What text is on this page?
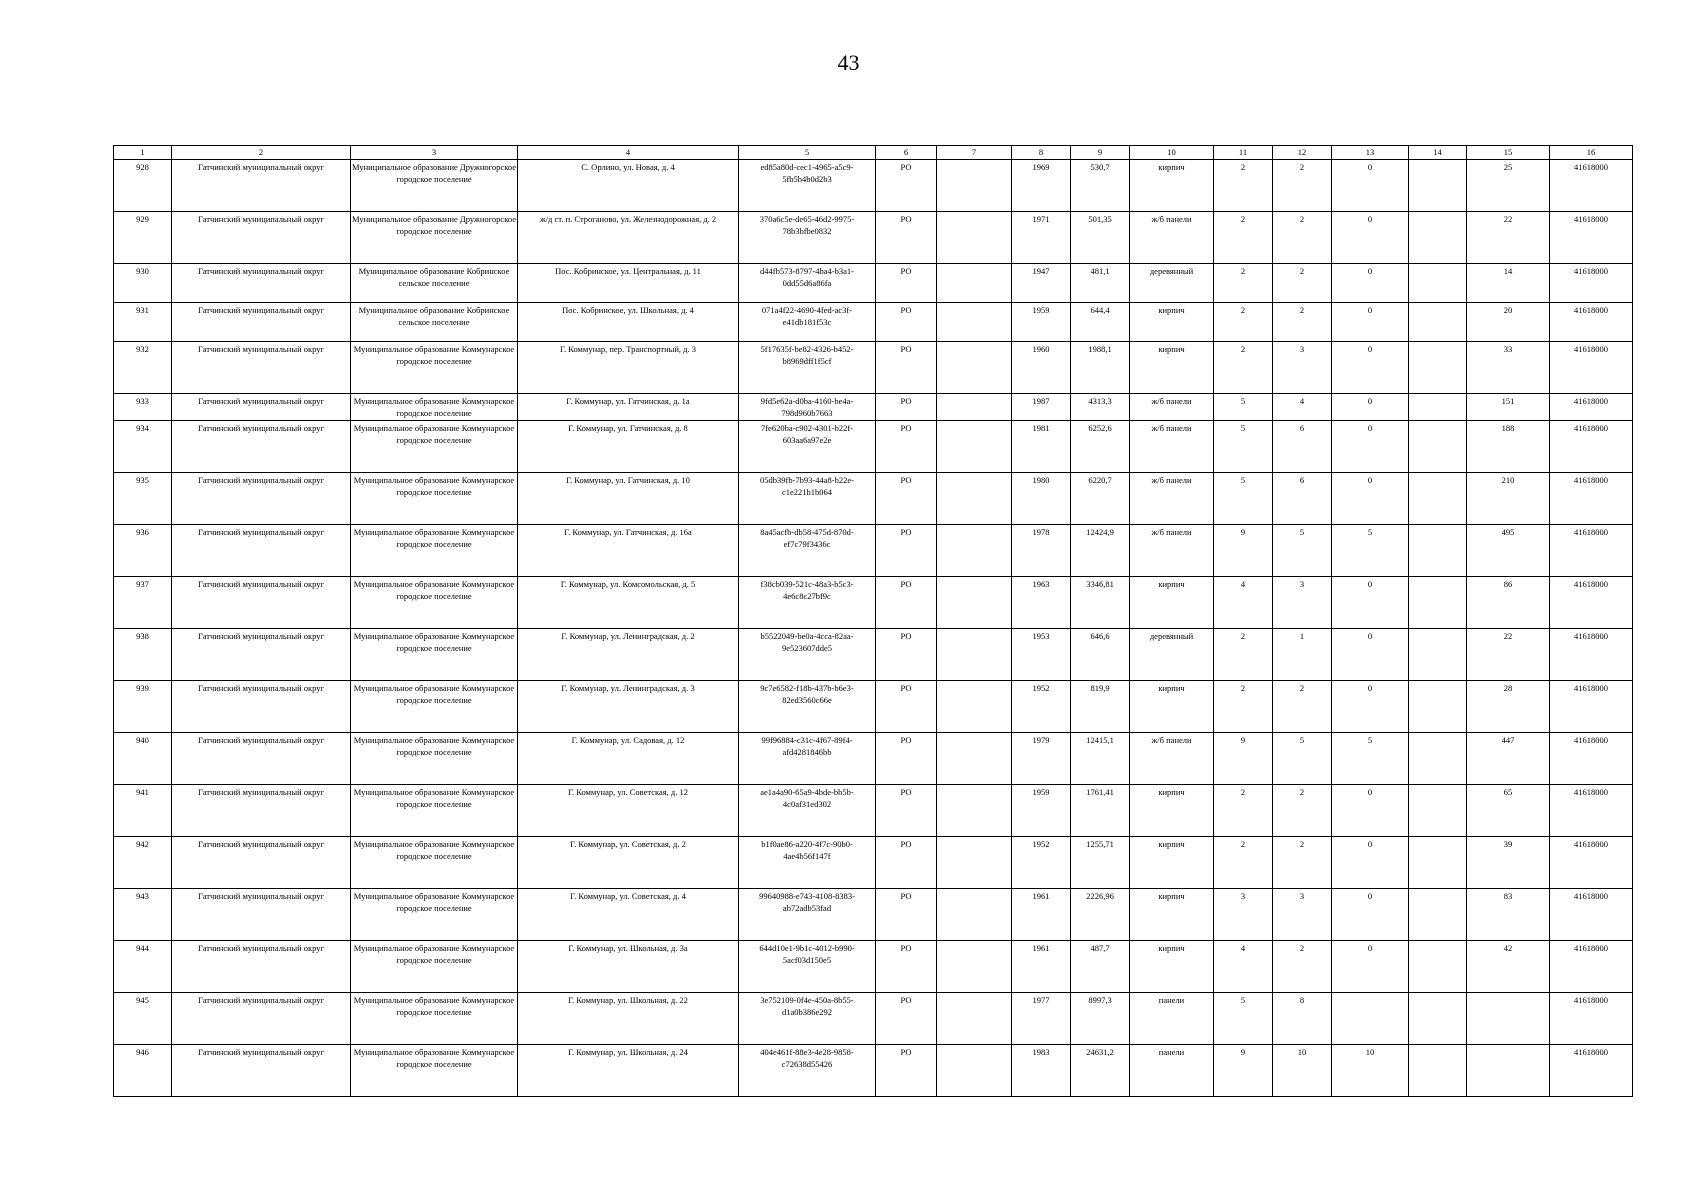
43
1	2	3	4	5	6	7	8	9	10	11	12	13	14	15	16
928	Гатчинский муниципальный округ	Муниципальное образование Дружногорское городское поселение	С. Орлино, ул. Новая, д. 4	ed85a80d-cec1-4965-a5c9-5fb5b4b0d2b3	РО		1969	530,7	кирпич	2	2	0		25	41618000
929	Гатчинский муниципальный округ	Муниципальное образование Дружногорское городское поселение	ж/д ст. п. Строганово, ул. Железнодорожная, д. 2	370a6c5e-de65-46d2-9975-78b3bfbe0832	РО		1971	501,35	ж/б панели	2	2	0		22	41618000
930	Гатчинский муниципальный округ	Муниципальное образование Кобринское сельское поселение	Пос. Кобринское, ул. Центральная, д. 11	d44fb573-8797-4ba4-b3a1-0dd55d6a86fa	РО		1947	481,1	деревянный	2	2	0		14	41618000
931	Гатчинский муниципальный округ	Муниципальное образование Кобринское сельское поселение	Пос. Кобринское, ул. Школьная, д. 4	071a4f22-4690-4fed-ac3f-e41db181f53c	РО		1959	644,4	кирпич	2	2	0		20	41618000
932	Гатчинский муниципальный округ	Муниципальное образование Коммунарское городское поселение	Г. Коммунар, пер. Транспортный, д. 3	5f17635f-be82-4326-b452-b8969dff1f5cf	РО		1960	1988,1	кирпич	2	3	0		33	41618000
933	Гатчинский муниципальный округ	Муниципальное образование Коммунарское городское поселение	Г. Коммунар, ул. Гатчинская, д. 1а	9fd5e62a-d0ba-4160-be4a-798d960b7663	РО		1987	4313,3	ж/б панели	5	4	0		151	41618000
934	Гатчинский муниципальный округ	Муниципальное образование Коммунарское городское поселение	Г. Коммунар, ул. Гатчинская, д. 8	7fe620ba-c902-4301-b22f-603aa6a97e2e	РО		1981	6252,6	ж/б панели	5	6	0		188	41618000
935	Гатчинский муниципальный округ	Муниципальное образование Коммунарское городское поселение	Г. Коммунар, ул. Гатчинская, д. 10	05db39fb-7b93-44a8-b22e-c1e221b1b064	РО		1980	6220,7	ж/б панели	5	6	0		210	41618000
936	Гатчинский муниципальный округ	Муниципальное образование Коммунарское городское поселение	Г. Коммунар, ул. Гатчинская, д. 16а	8a45acfb-db58-475d-870d-ef7c79f3436c	РО		1978	12424,9	ж/б панели	9	5	5		495	41618000
937	Гатчинский муниципальный округ	Муниципальное образование Коммунарское городское поселение	Г. Коммунар, ул. Комсомольская, д. 5	f38cb039-521c-48a3-b5c3-4e6c8c27bf9c	РО		1963	3346,81	кирпич	4	3	0		86	41618000
938	Гатчинский муниципальный округ	Муниципальное образование Коммунарское городское поселение	Г. Коммунар, ул. Ленинградская, д. 2	b5522049-be0a-4cca-82aa-9e523607dde5	РО		1953	646,6	деревянный	2	1	0		22	41618000
939	Гатчинский муниципальный округ	Муниципальное образование Коммунарское городское поселение	Г. Коммунар, ул. Ленинградская, д. 3	9c7e6582-f18b-437b-b6e3-82ed3560c66e	РО		1952	819,9	кирпич	2	2	0		28	41618000
940	Гатчинский муниципальный округ	Муниципальное образование Коммунарское городское поселение	Г. Коммунар, ул. Садовая, д. 12	99f96884-c31c-4f67-89f4-afd4281846bb	РО		1979	12415,1	ж/б панели	9	5	5		447	41618000
941	Гатчинский муниципальный округ	Муниципальное образование Коммунарское городское поселение	Г. Коммунар, ул. Советская, д. 12	ae1a4a90-65a9-4bde-bb5b-4c0af31ed302	РО		1959	1761,41	кирпич	2	2	0		65	41618000
942	Гатчинский муниципальный округ	Муниципальное образование Коммунарское городское поселение	Г. Коммунар, ул. Советская, д. 2	b1f0ae86-a220-4f7c-90b0-4ae4b56f147f	РО		1952	1255,71	кирпич	2	2	0		39	41618000
943	Гатчинский муниципальный округ	Муниципальное образование Коммунарское городское поселение	Г. Коммунар, ул. Советская, д. 4	99640988-e743-4108-8383-ab72adb53fad	РО		1961	2226,96	кирпич	3	3	0		83	41618000
944	Гатчинский муниципальный округ	Муниципальное образование Коммунарское городское поселение	Г. Коммунар, ул. Школьная, д. 3а	644d10e1-9b1c-4012-b990-5acf03d150e5	РО		1961	487,7	кирпич	4	2	0		42	41618000
945	Гатчинский муниципальный округ	Муниципальное образование Коммунарское городское поселение	Г. Коммунар, ул. Школьная, д. 22	3e752109-0f4e-450a-8b55-d1a0b386e292	РО		1977	8997,3	панели	5	8				41618000
946	Гатчинский муниципальный округ	Муниципальное образование Коммунарское городское поселение	Г. Коммунар, ул. Школьная, д. 24	404e461f-88e3-4e28-9858-c72638d55426	РО		1983	24631,2	панели	9	10	10			41618000
